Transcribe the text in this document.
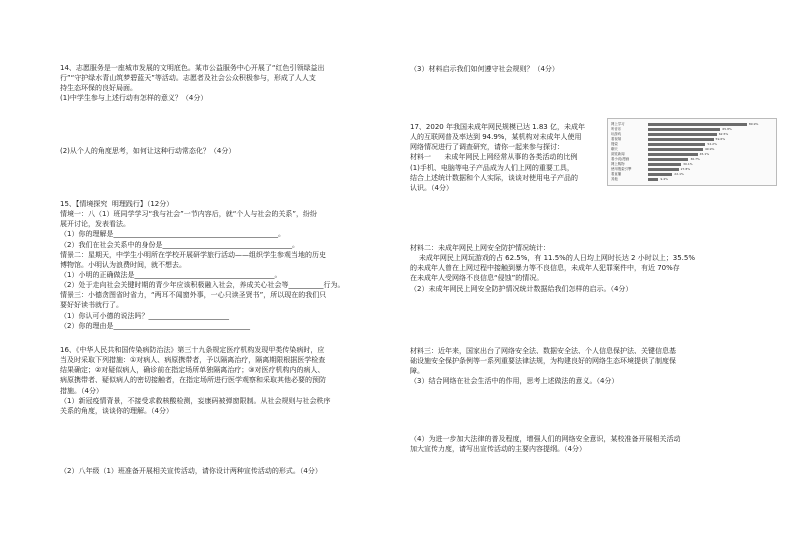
14、志愿服务是一座城市发展的文明底色。某市公益服务中心开展了“红色引领绿益出
行”“守护绿水青山筑梦碧蓝天”等活动。志愿者及社会公众积极参与，形成了人人支
持生态环保的良好局面。
(1)中学生参与上述行动有怎样的意义？（4分）
(2)从个人的角度思考，如何让这种行动常态化？（4分）
15、【情境探究  明理践行】（12分）
情境一：八（1）班同学学习“我与社会”一节内容后，就“个人与社会的关系”，纷纷
展开讨论，发表看法。
（1）你的理解是_______________________________________________。
（2）我们在社会关系中的身份是_____________________________________。
情景二：星期天，中学生小明所在学校开展研学旅行活动——组织学生参观当地的历史
博物馆。小明认为浪费时间，就不想去。
（1）小明的正确做法是________________________________________。
（2）处于走向社会关键时期的青少年应该积极融入社会，养成关心社会等__________行为。
情景三：小德贪图省时省力，“两耳不闻窗外事，一心只读圣贤书”，所以现在的我们只
要好好读书就行了。
（1）你认可小德的说法吗？_______________________
（2）你的理由是_______________________________________
16、《中华人民共和国传染病防治法》第三十九条规定医疗机构发现甲类传染病时，应
当及时采取下列措施：①对病人、病原携带者，予以隔离治疗，隔离期限根据医学检查
结果确定；②对疑似病人，确诊前在指定场所单独隔离治疗；③对医疗机构内的病人、
病原携带者、疑似病人的密切接触者，在指定场所进行医学观察和采取其他必要的预防
措施。（4分）
（1）新冠疫情背景，不接受求救核酸检测，妄康码被弹窗限制。从社会规则与社会秩序
关系的角度，谈谈你的理解。（4分）
（2）八年级（1）班准备开展相关宣传活动，请你设计两种宣传活动的形式。（4分）
（3）材料启示我们如何遵守社会规则？（4分）
17、2020 年我国未成年网民规模已达 1.83 亿，未成年
人的互联网普及率达到 94.9%，某机构对未成年人使用
网络情况进行了调查研究，请你一起来参与探讨：
材料一      未成年网民上网经常从事的各类活动的比例
(1)手机、电脑等电子产品成为人们上网的重要工具，
结合上述统计数据和个人实际，谈谈对使用电子产品的
认识。（4分）
材料二：未成年网民上网安全防护情况统计：
未成年网民上网玩游戏的占 62.5%，有 11.5%的人日均上网时长达 2 小时以上；35.5%
的未成年人曾在上网过程中接触到暴力等不良信息，未成年人犯罪案件中，有近 70%存
在未成年人受网络不良信息“侵蚀”的情况。
（2）未成年网民上网安全防护情况统计数据给我们怎样的启示。（4分）
材料三：近年来，国家出台了网络安全法、数据安全法、个人信息保护法、关键信息基
础设施安全保护条例等一系列重要法律法规，为构建良好的网络生态环境提供了制度保
障。
（3）结合网络在社会生活中的作用，思考上述做法的意义。（4分）
（4）为进一步加大法律的普及程度，增强人们的网络安全意识，某校准备开展相关活动
加大宣传力度，请写出宣传活动的主要内容提纲。（4分）
网上学习	89.9%
听音乐	65.8%
玩游戏	62.5%
看视频	59.6%
搜索	52.2%
聊天	49.9%
浏览新闻	45.1%
看小说/漫画	36.7%
网上购物	30.1%
使用搜索引擎	27.8%
看直播	22.1%
其他	9.4%
